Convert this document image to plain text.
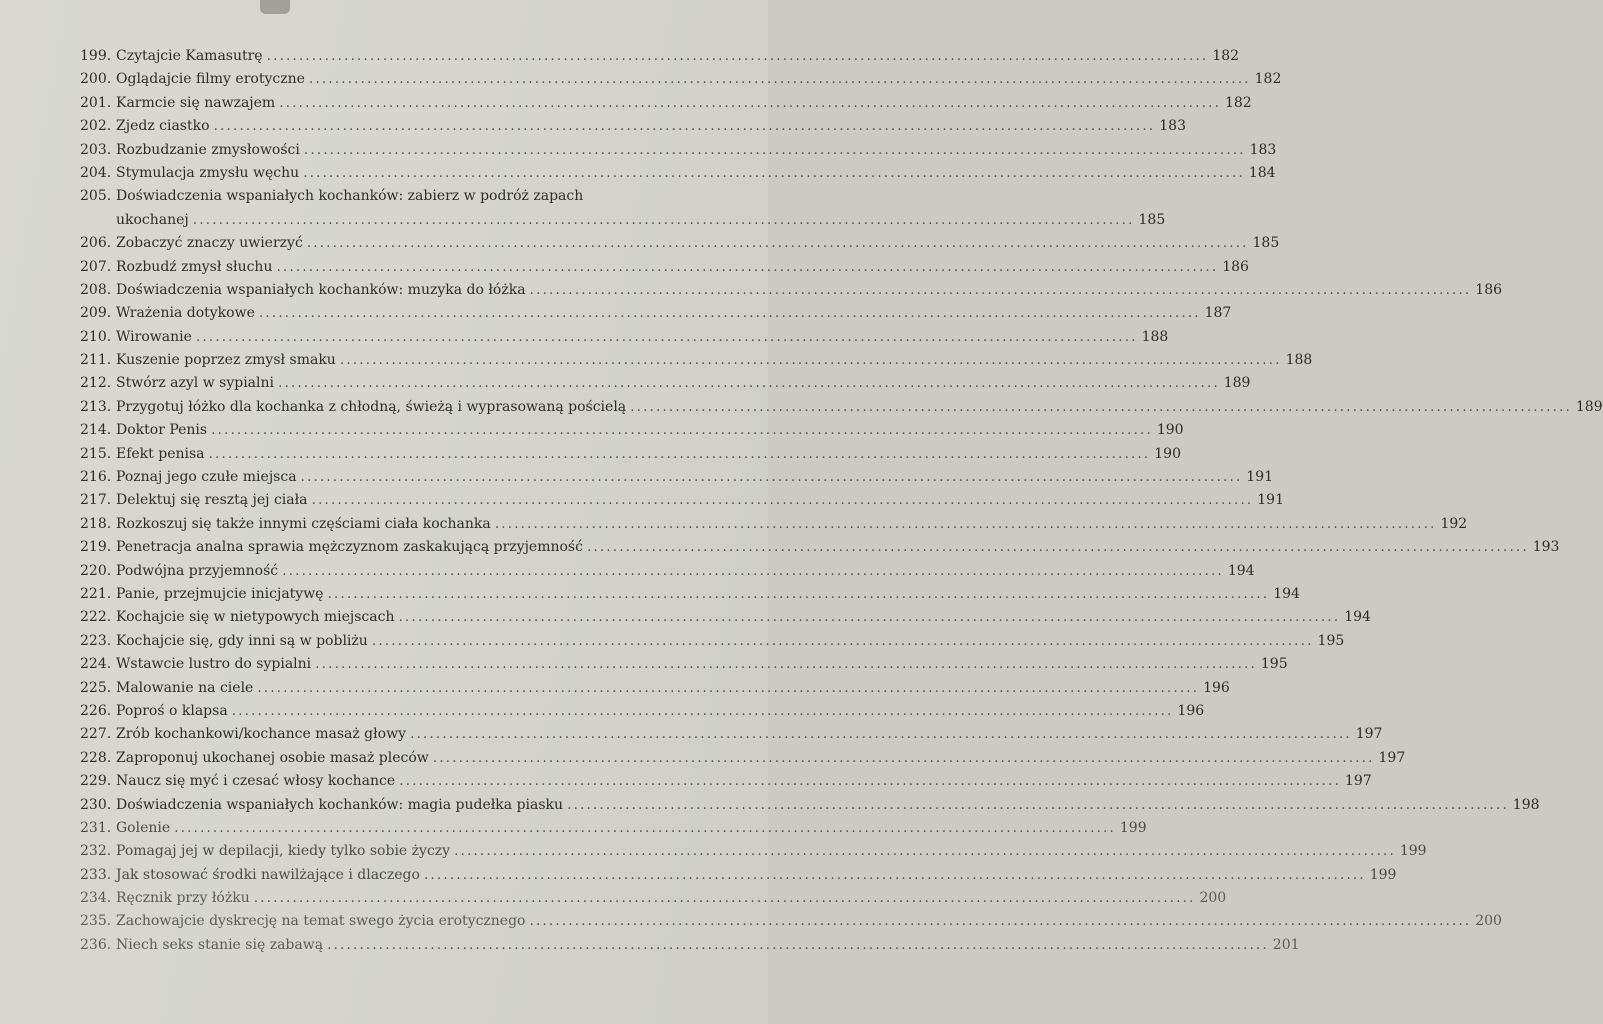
199. Czytajcie Kamasutrę .....	182
200. Oglądajcie filmy erotyczne .....	182
201. Karmcie się nawzajem .....	182
202. Zjedz ciastko .....	183
203. Rozbudzanie zmysłowości .....	183
204. Stymulacja zmysłu węchu .....	184
205. Doświadczenia wspaniałych kochanków: zabierz w podróż zapach
ukochanej .....	185
206. Zobaczyć znaczy uwierzyć .....	185
207. Rozbudź zmysł słuchu .....	186
208. Doświadczenia wspaniałych kochanków: muzyka do łóżka .....	186
209. Wrażenia dotykowe .....	187
210. Wirowanie .....	188
211. Kuszenie poprzez zmysł smaku .....	188
212. Stwórz azyl w sypialni .....	189
213. Przygotuj łóżko dla kochanka z chłodną, świeżą i wyprasowaną pościelą .....	189
214. Doktor Penis .....	190
215. Efekt penisa .....	190
216. Poznaj jego czułe miejsca .....	191
217. Delektuj się resztą jej ciała .....	191
218. Rozkoszuj się także innymi częściami ciała kochanka .....	192
219. Penetracja analna sprawia mężczyznom zaskakującą przyjemność .....	193
220. Podwójna przyjemność .....	194
221. Panie, przejmujcie inicjatywę .....	194
222. Kochajcie się w nietypowych miejscach .....	194
223. Kochajcie się, gdy inni są w pobliżu .....	195
224. Wstawcie lustro do sypialni .....	195
225. Malowanie na ciele .....	196
226. Poproś o klapsa .....	196
227. Zrób kochankowi/kochance masaż głowy .....	197
228. Zaproponuj ukochanej osobie masaż pleców .....	197
229. Naucz się myć i czesać włosy kochance .....	197
230. Doświadczenia wspaniałych kochanków: magia pudełka piasku .....	198
231. Golenie .....	199
232. Pomagaj jej w depilacji, kiedy tylko sobie życzy .....	199
233. Jak stosować środki nawilżające i dlaczego .....	199
234. Ręcznik przy łóżku .....	200
235. Zachowajcie dyskrecję na temat swego życia erotycznego .....	200
236. Niech seks stanie się zabawą .....	201
